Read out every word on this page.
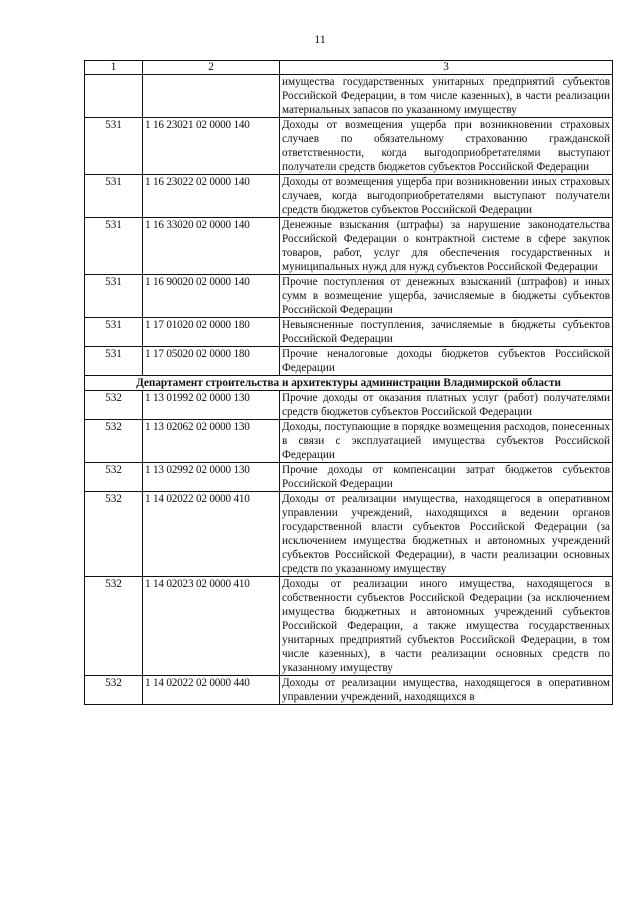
11
1	2	3
		имущества государственных унитарных предприятий субъектов Российской Федерации, в том числе казенных), в части реализации материальных запасов по указанному имуществу
531	1 16 23021 02 0000 140	Доходы от возмещения ущерба при возникновении страховых случаев по обязательному страхованию гражданской ответственности, когда выгодоприобретателями выступают получатели средств бюджетов субъектов Российской Федерации
531	1 16 23022 02 0000 140	Доходы от возмещения ущерба при возникновении иных страховых случаев, когда выгодоприобретателями выступают получатели средств бюджетов субъектов Российской Федерации
531	1 16 33020 02 0000 140	Денежные взыскания (штрафы) за нарушение законодательства Российской Федерации о контрактной системе в сфере закупок товаров, работ, услуг для обеспечения государственных и муниципальных нужд для нужд субъектов Российской Федерации
531	1 16 90020 02 0000 140	Прочие поступления от денежных взысканий (штрафов) и иных сумм в возмещение ущерба, зачисляемые в бюджеты субъектов Российской Федерации
531	1 17 01020 02 0000 180	Невыясненные поступления, зачисляемые в бюджеты субъектов Российской Федерации
531	1 17 05020 02 0000 180	Прочие неналоговые доходы бюджетов субъектов Российской Федерации
Департамент строительства и архитектуры администрации Владимирской области		
532	1 13 01992 02 0000 130	Прочие доходы от оказания платных услуг (работ) получателями средств бюджетов субъектов Российской Федерации
532	1 13 02062 02 0000 130	Доходы, поступающие в порядке возмещения расходов, понесенных в связи с эксплуатацией имущества субъектов Российской Федерации
532	1 13 02992 02 0000 130	Прочие доходы от компенсации затрат бюджетов субъектов Российской Федерации
532	1 14 02022 02 0000 410	Доходы от реализации имущества, находящегося в оперативном управлении учреждений, находящихся в ведении органов государственной власти субъектов Российской Федерации (за исключением имущества бюджетных и автономных учреждений субъектов Российской Федерации), в части реализации основных средств по указанному имуществу
532	1 14 02023 02 0000 410	Доходы от реализации иного имущества, находящегося в собственности субъектов Российской Федерации (за исключением имущества бюджетных и автономных учреждений субъектов Российской Федерации, а также имущества государственных унитарных предприятий субъектов Российской Федерации, в том числе казенных), в части реализации основных средств по указанному имуществу
532	1 14 02022 02 0000 440	Доходы от реализации имущества, находящегося в оперативном управлении учреждений, находящихся в
